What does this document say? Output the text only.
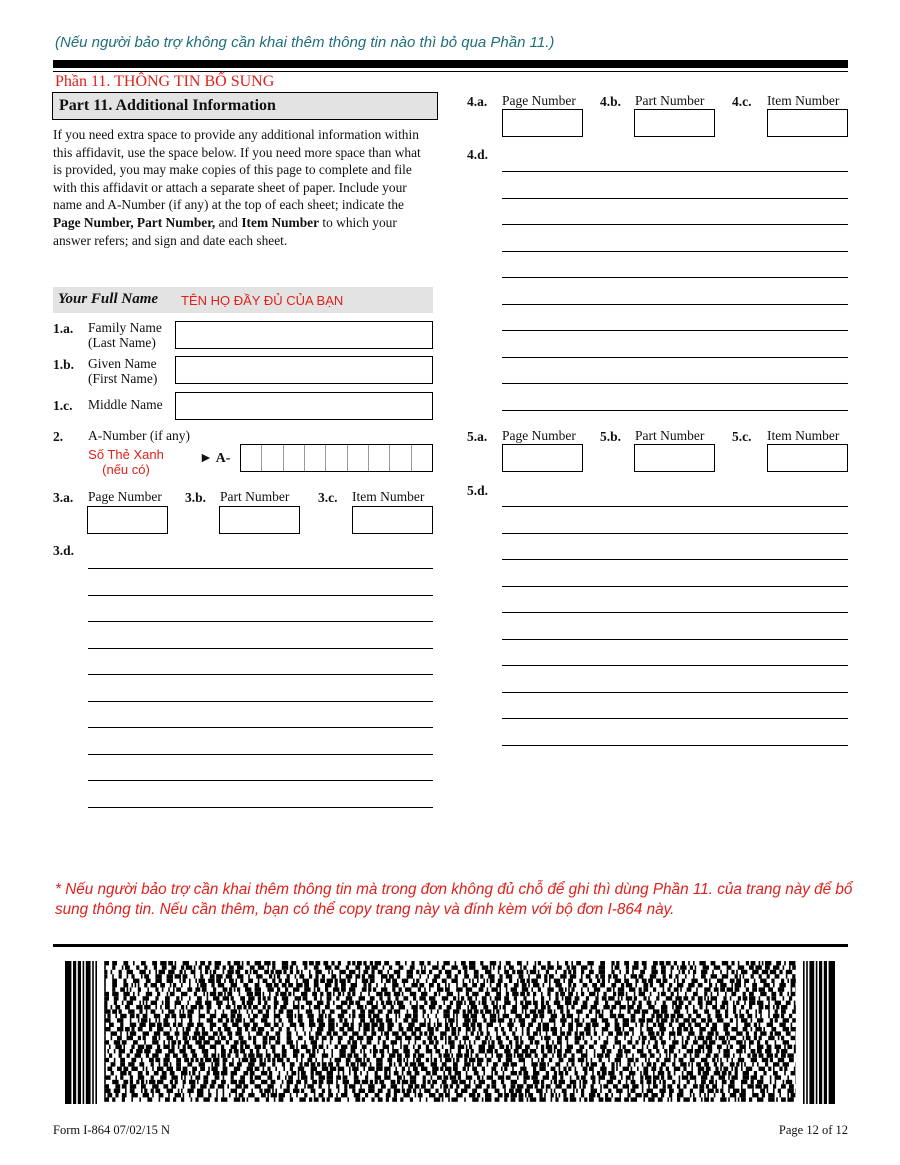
(Nếu người bảo trợ không cần khai thêm thông tin nào thì bỏ qua Phần 11.)
Phần 11. THÔNG TIN BỔ SUNG
Part 11. Additional Information

If you need extra space to provide any additional information within this affidavit, use the space below. If you need more space than what is provided, you may make copies of this page to complete and file with this affidavit or attach a separate sheet of paper. Include your name and A-Number (if any) at the top of each sheet; indicate the Page Number, Part Number, and Item Number to which your answer refers; and sign and date each sheet.

Your Full Name TÊN HỌ ĐẦY ĐỦ CỦA BẠN
1.a. Family Name
(Last Name)
1.b. Given Name
(First Name)
1.c. Middle Name
2. A-Number (if any)
Số Thẻ Xanh
(nếu có)
► A-
3.a. Page Number 3.b. Part Number 3.c. Item Number
3.d.
4.a. Page Number 4.b. Part Number 4.c. Item Number
4.d.
5.a. Page Number 5.b. Part Number 5.c. Item Number
5.d.
* Nếu người bảo trợ cần khai thêm thông tin mà trong đơn không đủ chỗ để ghi thì dùng Phần 11. của trang này để bổ sung thông tin. Nếu cần thêm, bạn có thể copy trang này và đính kèm với bộ đơn I-864 này.
Form I-864 07/02/15 N	Page 12 of 12
